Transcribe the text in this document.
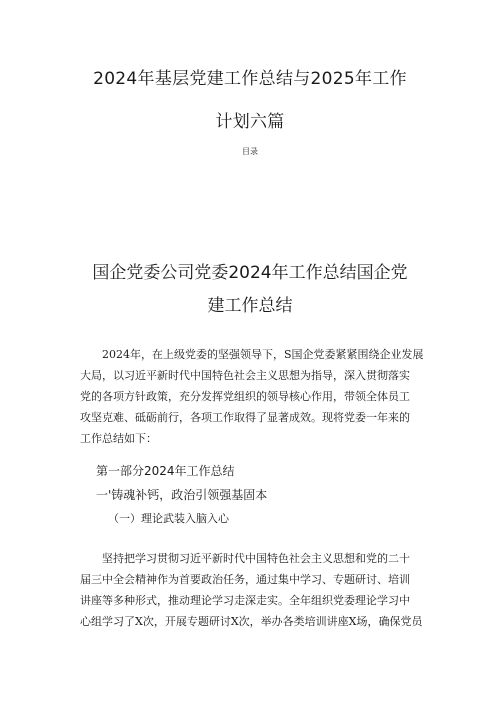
2024年基层党建工作总结与2025年工作
计划六篇
目录
国企党委公司党委2024年工作总结国企党
建工作总结
2024年，在上级党委的坚强领导下，S国企党委紧紧围绕企业发展
大局，以习近平新时代中国特色社会主义思想为指导，深入贯彻落实
党的各项方针政策，充分发挥党组织的领导核心作用，带领全体员工
攻坚克难、砥砺前行，各项工作取得了显著成效。现将党委一年来的
工作总结如下：
第一部分2024年工作总结
一'铸魂补钙，政治引领强基固本
（一）理论武装入脑入心
坚持把学习贯彻习近平新时代中国特色社会主义思想和党的二十
届三中全会精神作为首要政治任务，通过集中学习、专题研讨、培训
讲座等多种形式，推动理论学习走深走实。全年组织党委理论学习中
心组学习了X次，开展专题研讨X次，举办各类培训讲座X场，确保党员
